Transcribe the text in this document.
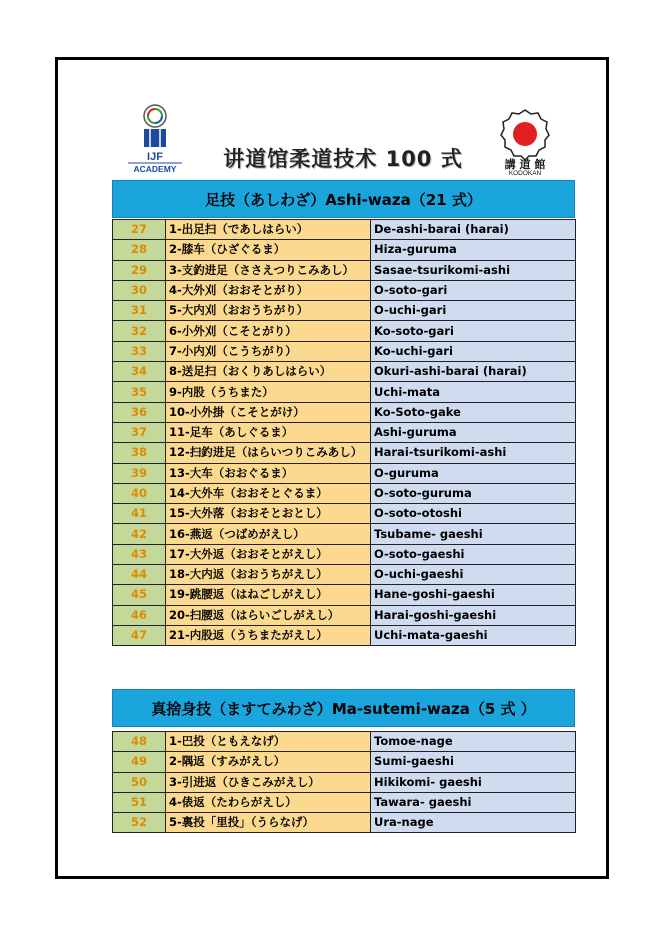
IJF
ACADEMY	講 道 館
KODOKAN
讲道馆柔道技术 100 式
足技（あしわざ）Ashi-waza（21 式）
27	1-出足扫（であしはらい）	De-ashi-barai (harai)
28	2-膝车（ひざぐるま）	Hiza-guruma
29	3-支釣进足（ささえつりこみあし）	Sasae-tsurikomi-ashi
30	4-大外刈（おおそとがり）	O-soto-gari
31	5-大内刈（おおうちがり）	O-uchi-gari
32	6-小外刈（こそとがり）	Ko-soto-gari
33	7-小内刈（こうちがり）	Ko-uchi-gari
34	8-送足扫（おくりあしはらい）	Okuri-ashi-barai (harai)
35	9-内股（うちまた）	Uchi-mata
36	10-小外掛（こそとがけ）	Ko-Soto-gake
37	11-足车（あしぐるま）	Ashi-guruma
38	12-扫釣进足（はらいつりこみあし）	Harai-tsurikomi-ashi
39	13-大车（おおぐるま）	O-guruma
40	14-大外车（おおそとぐるま）	O-soto-guruma
41	15-大外落（おおそとおとし）	O-soto-otoshi
42	16-燕返（つばめがえし）	Tsubame- gaeshi
43	17-大外返（おおそとがえし）	O-soto-gaeshi
44	18-大内返（おおうちがえし）	O-uchi-gaeshi
45	19-跳腰返（はねごしがえし）	Hane-goshi-gaeshi
46	20-扫腰返（はらいごしがえし）	Harai-goshi-gaeshi
47	21-内股返（うちまたがえし）	Uchi-mata-gaeshi
真捨身技（ますてみわざ）Ma-sutemi-waza（5 式 ）
48	1-巴投（ともえなげ）	Tomoe-nage
49	2-隅返（すみがえし）	Sumi-gaeshi
50	3-引进返（ひきこみがえし）	Hikikomi- gaeshi
51	4-俵返（たわらがえし）	Tawara- gaeshi
52	5-裏投「里投」（うらなげ）	Ura-nage
